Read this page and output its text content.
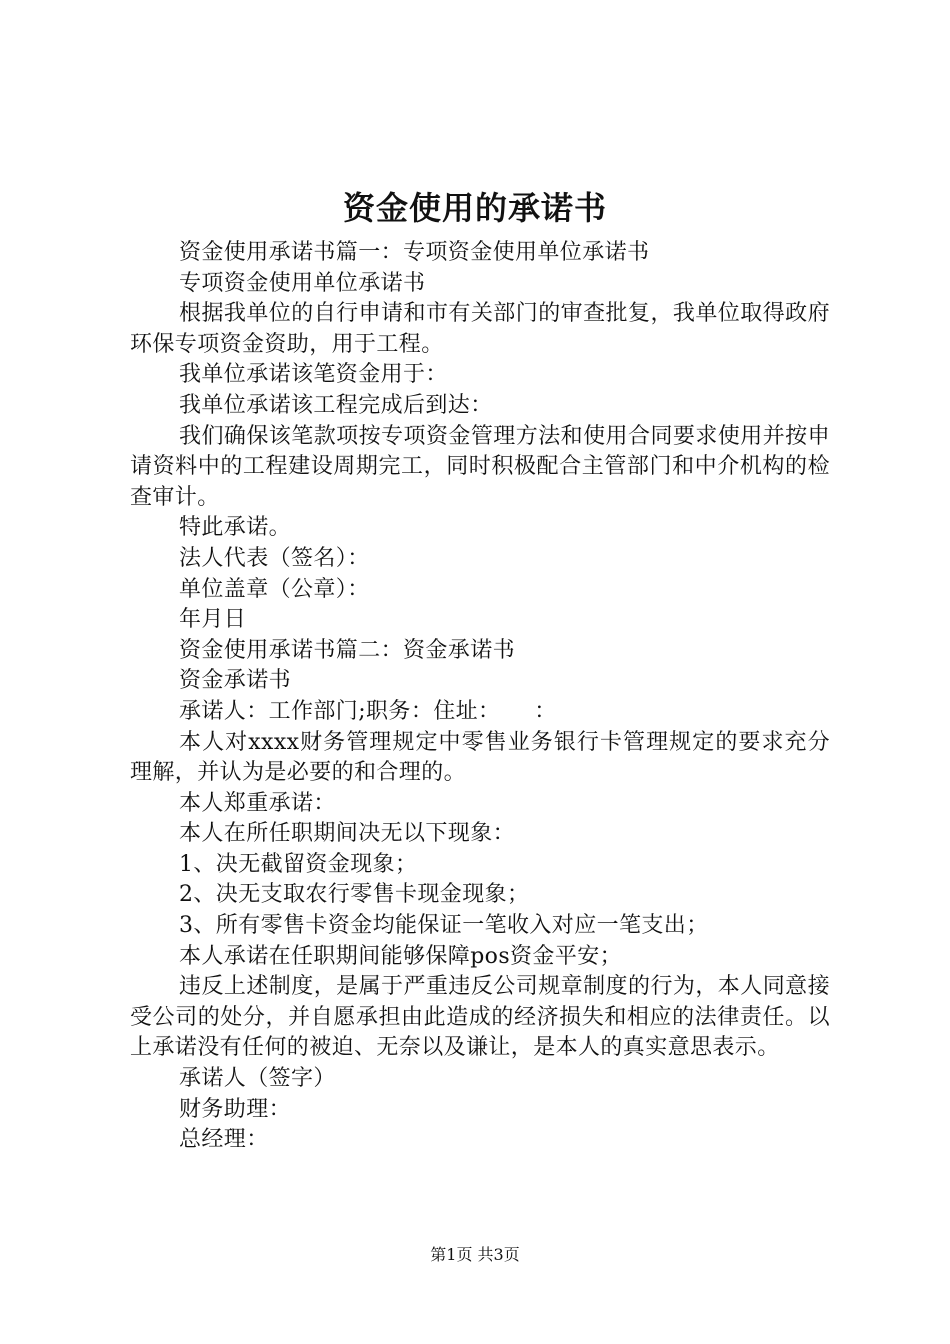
资金使用的承诺书

资金使用承诺书篇一：专项资金使用单位承诺书

专项资金使用单位承诺书

根据我单位的自行申请和市有关部门的审查批复，我单位取得政府环保专项资金资助，用于工程。

我单位承诺该笔资金用于：

我单位承诺该工程完成后到达：

我们确保该笔款项按专项资金管理方法和使用合同要求使用并按申请资料中的工程建设周期完工，同时积极配合主管部门和中介机构的检查审计。

特此承诺。

法人代表（签名）：

单位盖章（公章）：

年月日

资金使用承诺书篇二：资金承诺书

资金承诺书

承诺人：工作部门;职务：住址：　　：

本人对xxxx财务管理规定中零售业务银行卡管理规定的要求充分理解，并认为是必要的和合理的。

本人郑重承诺：

本人在所任职期间决无以下现象：

1、决无截留资金现象；

2、决无支取农行零售卡现金现象；

3、所有零售卡资金均能保证一笔收入对应一笔支出；

本人承诺在任职期间能够保障pos资金平安；

违反上述制度，是属于严重违反公司规章制度的行为，本人同意接受公司的处分，并自愿承担由此造成的经济损失和相应的法律责任。以上承诺没有任何的被迫、无奈以及谦让，是本人的真实意思表示。

承诺人（签字）

财务助理：

总经理：

第1页 共3页
